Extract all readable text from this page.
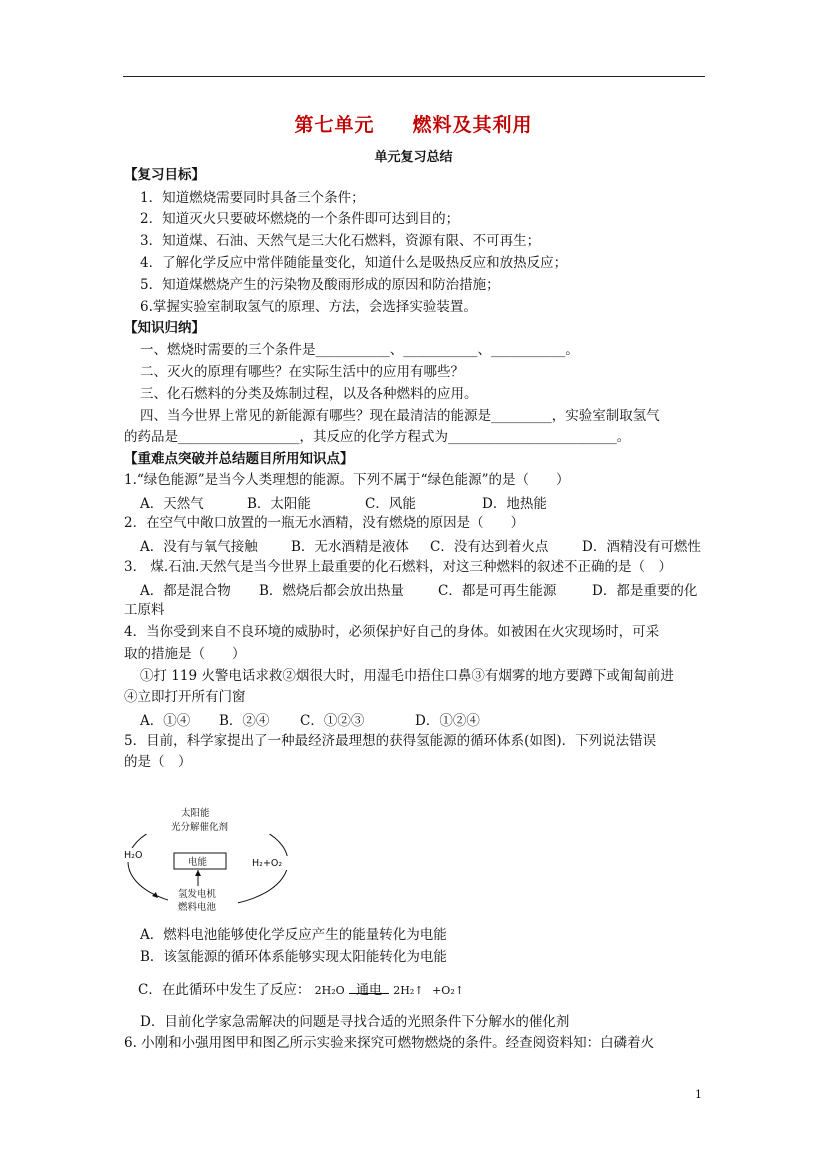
第七单元 燃料及其利用
单元复习总结
【复习目标】
1．知道燃烧需要同时具备三个条件；
2．知道灭火只要破坏燃烧的一个条件即可达到目的；
3．知道煤、石油、天然气是三大化石燃料，资源有限、不可再生；
4．了解化学反应中常伴随能量变化，知道什么是吸热反应和放热反应；
5．知道煤燃烧产生的污染物及酸雨形成的原因和防治措施；
6.掌握实验室制取氢气的原理、方法，会选择实验装置。
【知识归纳】
一、燃烧时需要的三个条件是___________、___________、___________。
二、灭火的原理有哪些？在实际生活中的应用有哪些？
三、化石燃料的分类及炼制过程，以及各种燃料的应用。
四、当今世界上常见的新能源有哪些？现在最清洁的能源是_________，实验室制取氢气
的药品是__________________，其反应的化学方程式为_________________________。
【重难点突破并总结题目所用知识点】
1.“绿色能源”是当今人类理想的能源。下列不属于“绿色能源”的是（　　）
A．天然气	B．太阳能	C．风能	D．地热能
2．在空气中敞口放置的一瓶无水酒精，没有燃烧的原因是（　　）
A．没有与氧气接触 B．无水酒精是液体 C．没有达到着火点 D．酒精没有可燃性
3． 煤.石油.天然气是当今世界上最重要的化石燃料，对这三种燃料的叙述不正确的是（　）
A．都是混合物 B．燃烧后都会放出热量	C．都是可再生能源	D．都是重要的化
工原料
4．当你受到来自不良环境的威胁时，必须保护好自己的身体。如被困在火灾现场时，可采
取的措施是（　　）
①打 119 火警电话求救②烟很大时，用湿毛巾捂住口鼻③有烟雾的地方要蹲下或匍匐前进
④立即打开所有门窗
A．①④ B．②④ C．①②③	D．①②④
5．目前，科学家提出了一种最经济最理想的获得氢能源的循环体系(如图)．下列说法错误
的是（　）
太阳能
光分解催化剂
H₂O
H₂+O₂
电能
氢发电机
燃料电池
A．燃料电池能够使化学反应产生的能量转化为电能
B．该氢能源的循环体系能够实现太阳能转化为电能
C．在此循环中发生了反应： 2H₂O 通电	2H₂↑ +O₂↑
D．目前化学家急需解决的问题是寻找合适的光照条件下分解水的催化剂
6. 小刚和小强用图甲和图乙所示实验来探究可燃物燃烧的条件。经查阅资料知：白磷着火
1
